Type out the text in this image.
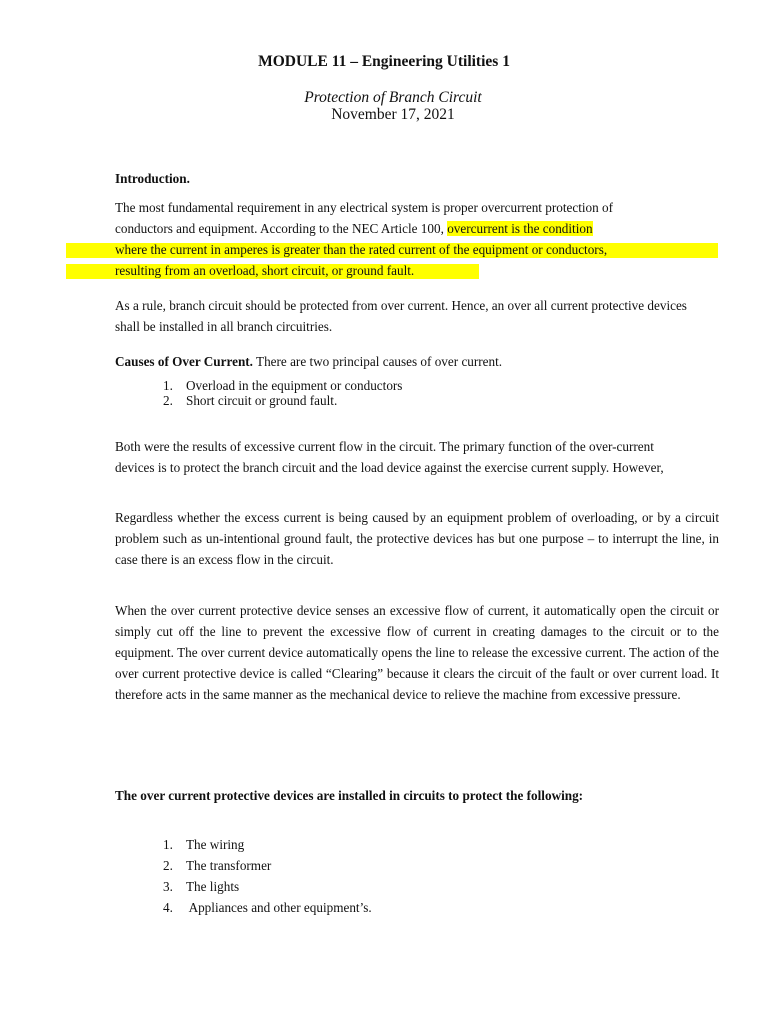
MODULE 11 – Engineering Utilities 1
Protection of Branch Circuit
November 17, 2021
Introduction.
The most fundamental requirement in any electrical system is proper overcurrent protection of
conductors and equipment. According to the NEC Article 100, overcurrent is the condition
where the current in amperes is greater than the rated current of the equipment or conductors,
resulting from an overload, short circuit, or ground fault.
As a rule, branch circuit should be protected from over current. Hence, an over all current protective devices shall be installed in all branch circuitries.
Causes of Over Current. There are two principal causes of over current.
1. Overload in the equipment or conductors
2. Short circuit or ground fault.
Both were the results of excessive current flow in the circuit. The primary function of the over-current devices is to protect the branch circuit and the load device against the exercise current supply. However,
Regardless whether the excess current is being caused by an equipment problem of overloading, or by a circuit problem such as un-intentional ground fault, the protective devices has but one purpose – to interrupt the line, in case there is an excess flow in the circuit.
When the over current protective device senses an excessive flow of current, it automatically open the circuit or simply cut off the line to prevent the excessive flow of current in creating damages to the circuit or to the equipment. The over current device automatically opens the line to release the excessive current. The action of the over current protective device is called “Clearing” because it clears the circuit of the fault or over current load. It therefore acts in the same manner as the mechanical device to relieve the machine from excessive pressure.
The over current protective devices are installed in circuits to protect the following:
1. The wiring
2. The transformer
3. The lights
4. Appliances and other equipment’s.
